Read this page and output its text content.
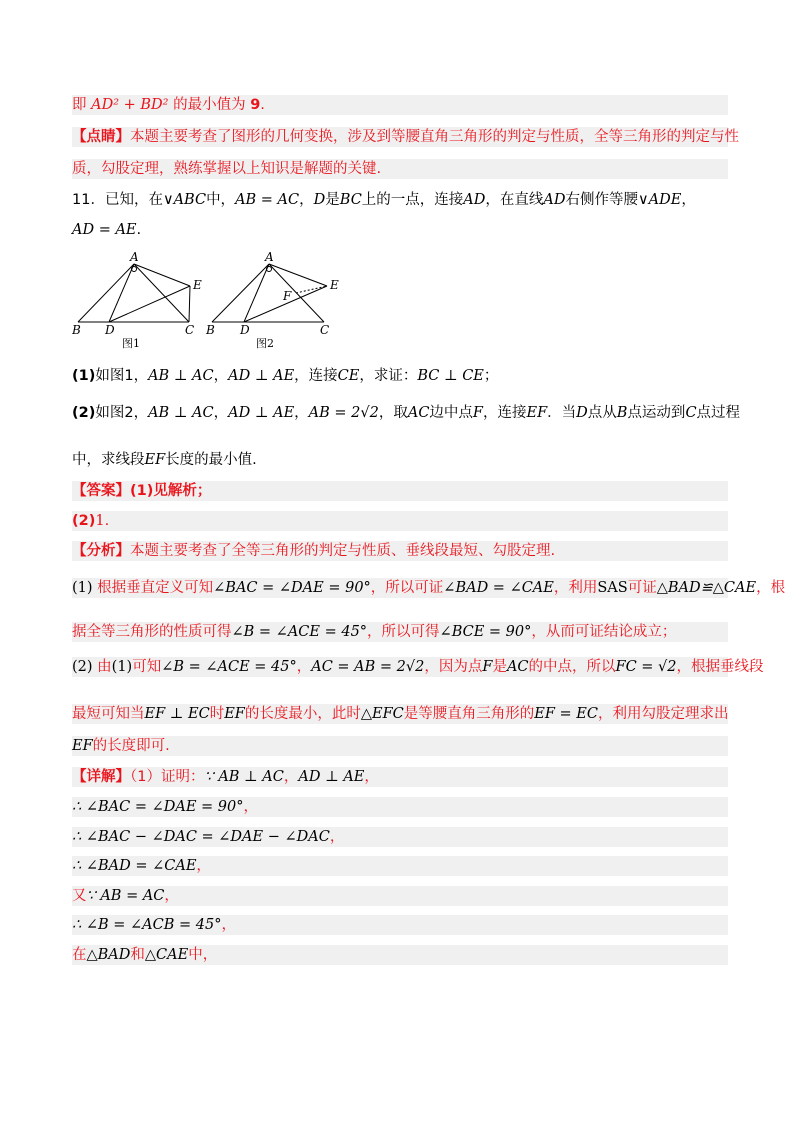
即 AD² + BD² 的最小值为 9.
【点睛】本题主要考查了图形的几何变换，涉及到等腰直角三角形的判定与性质，全等三角形的判定与性
质，勾股定理，熟练掌握以上知识是解题的关键.
11．已知，在∨ABC中，AB = AC，D是BC上的一点，连接AD，在直线AD右侧作等腰∨ADE，
AD = AE.
A
B D	C
E
图1
A
B D	C
E
F
图2
(1)如图1，AB ⊥ AC，AD ⊥ AE，连接CE，求证：BC ⊥ CE；
(2)如图2，AB ⊥ AC，AD ⊥ AE，AB = 2√2，取AC边中点F，连接EF．当D点从B点运动到C点过程
中，求线段EF长度的最小值.
【答案】(1)见解析；
(2)1.
【分析】本题主要考查了全等三角形的判定与性质、垂线段最短、勾股定理.
(1) 根据垂直定义可知∠BAC = ∠DAE = 90°，所以可证∠BAD = ∠CAE，利用SAS可证△BAD≌△CAE，根
据全等三角形的性质可得∠B = ∠ACE = 45°，所以可得∠BCE = 90°，从而可证结论成立；
(2) 由(1)可知∠B = ∠ACE = 45°，AC = AB = 2√2，因为点F是AC的中点，所以FC = √2，根据垂线段
最短可知当EF ⊥ EC时EF的长度最小，此时△EFC是等腰直角三角形的EF = EC，利用勾股定理求出
EF的长度即可.
【详解】（1）证明：∵ AB ⊥ AC，AD ⊥ AE，
∴ ∠BAC = ∠DAE = 90°，
∴ ∠BAC − ∠DAC = ∠DAE − ∠DAC，
∴ ∠BAD = ∠CAE，
又∵ AB = AC，
∴ ∠B = ∠ACB = 45°，
在△BAD和△CAE中，
